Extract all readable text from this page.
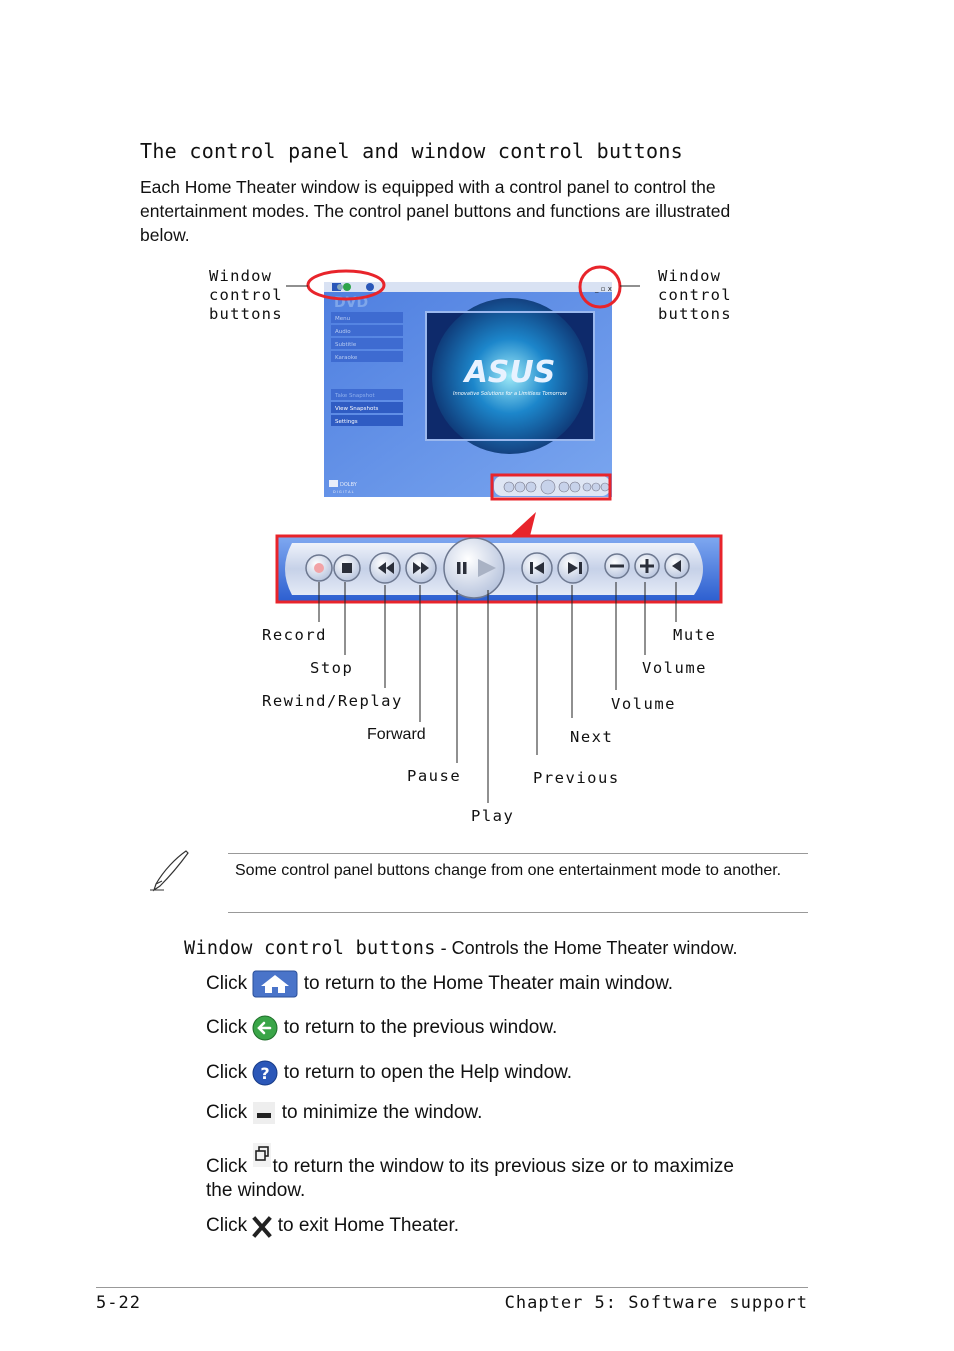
The control panel and window control buttons
Each Home Theater window is equipped with a control panel to control the entertainment modes. The control panel buttons and functions are illustrated below.
Window
control
buttons
Window
control
buttons
_ ▫ x
DVD
Menu
Audio
Subtitle
Karaoke
Take Snapshot
View Snapshots
Settings
ASUS
Innovative Solutions for a Limitless Tomorrow
DOLBY
D I G I T A L
Record
Stop
Rewind/Replay
Forward
Pause
Play
Previous
Next
Volume
Volume
Mute
Some control panel buttons change from one entertainment mode to another.
Window control buttons - Controls the Home Theater window.
Click	to return to the Home Theater main window.
Click to return to the previous window.
Click ? to return to open the Help window.
Click to minimize the window.
Click to return the window to its previous size or to maximize
the window.
Click to exit Home Theater.
5-22	Chapter 5: Software support
